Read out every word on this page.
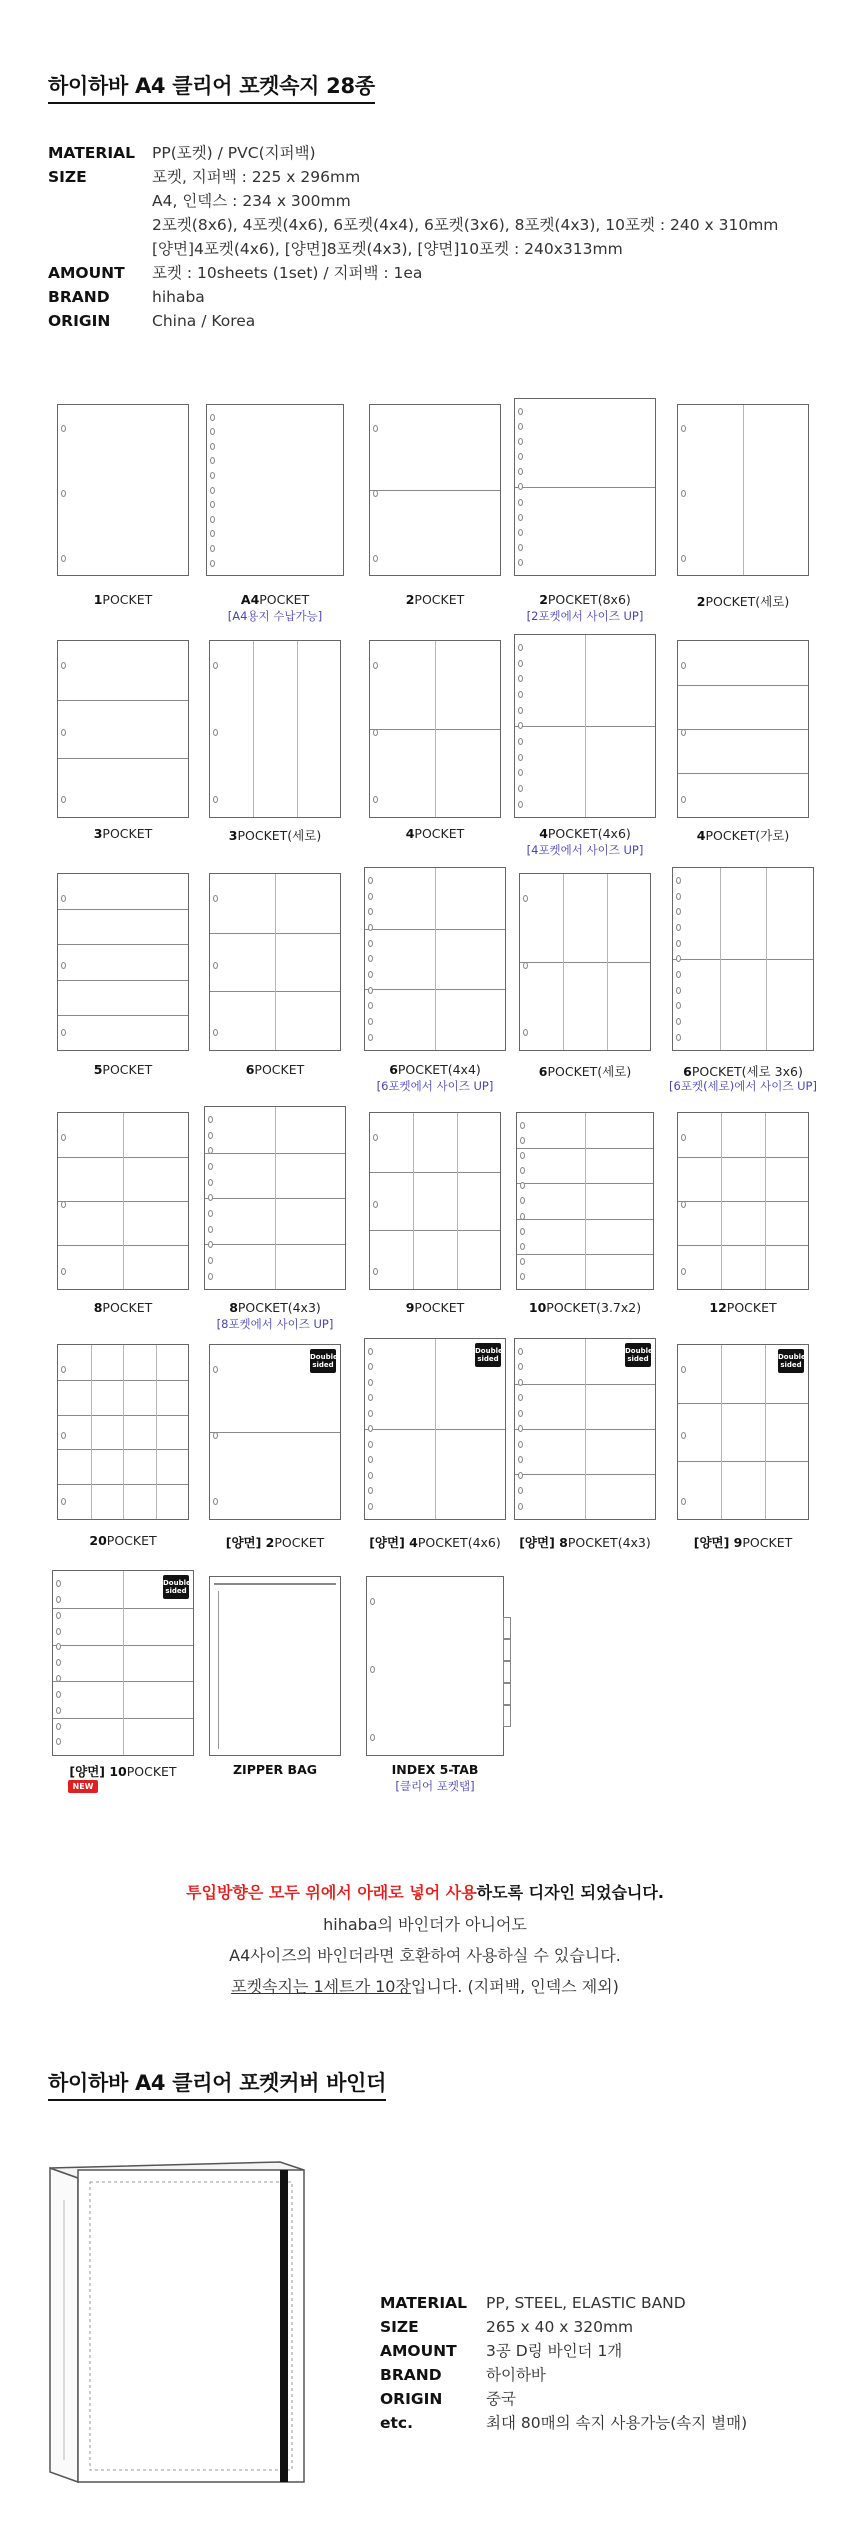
하이하바 A4 클리어 포켓속지 28종
MATERIAL	PP(포켓) / PVC(지퍼백)
SIZE	포켓, 지퍼백 : 225 x 296mm
A4, 인덱스 : 234 x 300mm
2포켓(8x6), 4포켓(4x6), 6포켓(4x4), 6포켓(3x6), 8포켓(4x3), 10포켓 : 240 x 310mm
[양면]4포켓(4x6), [양면]8포켓(4x3), [양면]10포켓 : 240x313mm
AMOUNT	포켓 : 10sheets (1set) / 지퍼백 : 1ea
BRAND	hihaba
ORIGIN	China / Korea
1POCKET	A4POCKET
[A4용지 수납가능]
2POCKET	2POCKET(8x6)
[2포켓에서 사이즈 UP]
2POCKET(세로)
3POCKET	3POCKET(세로)	4POCKET	4POCKET(4x6)
[4포켓에서 사이즈 UP]
4POCKET(가로)
5POCKET	6POCKET	6POCKET(4x4)
[6포켓에서 사이즈 UP]
6POCKET(세로)	6POCKET(세로 3x6)
[6포켓(세로)에서 사이즈 UP]
8POCKET	8POCKET(4x3)
[8포켓에서 사이즈 UP]
9POCKET	10POCKET(3.7x2)	12POCKET
20POCKET
Double
sided
[양면] 2POCKET
Double
sided
[양면] 4POCKET(4x6)
Double
sided
[양면] 8POCKET(4x3)
Double
sided
[양면] 9POCKET
Double
sided
[양면] 10POCKET
NEW
ZIPPER BAG	INDEX 5-TAB
[클리어 포켓탭]
투입방향은 모두 위에서 아래로 넣어 사용하도록 디자인 되었습니다.
hihaba의 바인더가 아니어도
A4사이즈의 바인더라면 호환하여 사용하실 수 있습니다.
포켓속지는 1세트가 10장입니다. (지퍼백, 인덱스 제외)
하이하바 A4 클리어 포켓커버 바인더
MATERIAL	PP, STEEL, ELASTIC BAND
SIZE	265 x 40 x 320mm
AMOUNT	3공 D링 바인더 1개
BRAND	하이하바
ORIGIN	중국
etc.	최대 80매의 속지 사용가능(속지 별매)
